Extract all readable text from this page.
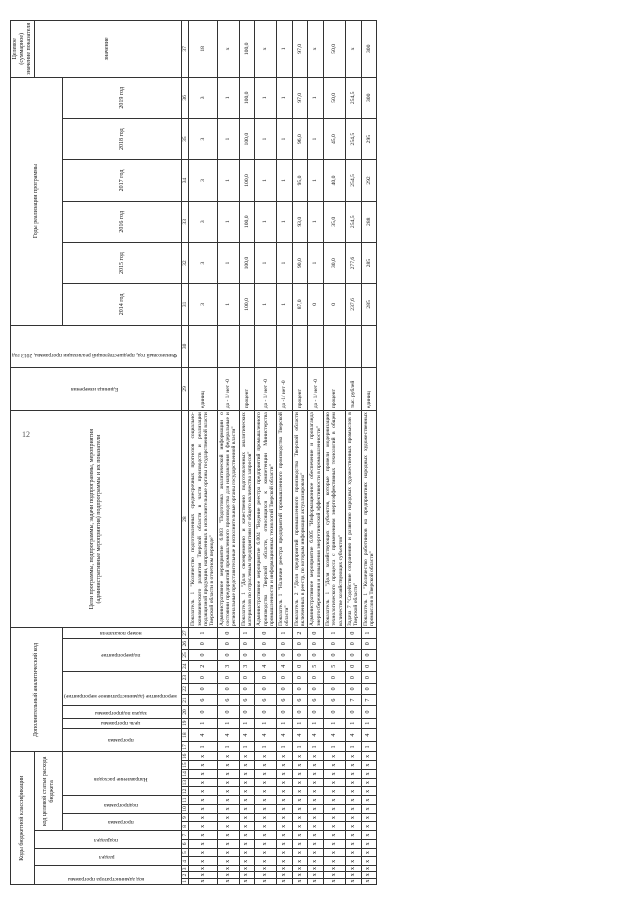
12
Коды бюджетной классификации																Дополнительный аналитический код											Цели программы, подпрограммы, задачи подпрограммы, мероприятия (административные мероприятия) подпрограммы и их показатели	Единица измерения	Финансовый год, предшествующий реализации программы, 2013 год	Годы реализации программы						Целевое (суммарное) значение показателя
код администратора программы			раздел		подраздел		код целевой статьи расхода бюджета																													значение
							программа		подпрограмма		Направление расходов					программа		цель программы	задача подпрограммы	мероприятие (административное мероприятие)			подмероприятие			номер показателя				2014 год	2015 год	2016 год	2017 год	2018 год	2019 год	
1	2	3	4	5	6	7	8	9	10	11	12	13	14	15	16	17	18	19	20	21	22	23	24	25	26	27	28	29	30	31	32	33	34	35	36	37
х	х	х	х	х	х	х	х	х	х	х	х	х	х	х	х	1	4	1	0	6	0	0	2	0	0	1	Показатель 1 "Количество подготовленных среднесрочных прогнозов социально-экономического развития Тверской области в части производств и реализации подакцизной продукции, направленных в исполнительные органы государственной власти Тверской области в отчетном периоде"	единиц		3	3	3	3	3	3	18
х	х	х	х	х	х	х	х	х	х	х	х	х	х	х	х	1	4	1	0	6	0	0	3	0	0	0	Административное мероприятие 6.003 "Подготовка аналитической информации о состоянии предприятий промышленного производства для направления в федеральные и региональные представительные и исполнительные органы государственной власти"	да - 1/ нет -0		1	1	1	1	1	1	х
х	х	х	х	х	х	х	х	х	х	х	х	х	х	х	х	1	4	1	0	6	0	0	3	0	0	1	Показатель 1 "Доля своевременно и качественно подготовленных аналитических материалов по отраслевым предприятиям от общего количества запросов"	процент		100,0	100,0	100,0	100,0	100,0	100,0	100,0
х	х	х	х	х	х	х	х	х	х	х	х	х	х	х	х	1	4	1	0	6	0	0	4	0	0	0	Административное мероприятие 6.004 "Ведение реестра предприятий промышленного производства Тверской области, относящихся к компетенции Министерства промышленности и информационных технологий Тверской области"	да - 1/ нет -0		1	1	1	1	1	1	х
х	х	х	х	х	х	х	х	х	х	х	х	х	х	х	х	1	4	1	0	6	0	0	4	0	0	1	Показатель 1 "Наличие реестра предприятий промышленного производства Тверской области"	да -1/ нет -0		1	1	1	1	1	1	1
х	х	х	х	х	х	х	х	х	х	х	х	х	х	х	х	1	4	1	0	6	0	0	0	0	0	2	Показатель 2 "Доля предприятий промышленного производства Тверской области включенных в реестр, по которым информация актуализирована"	процент		87,0	90,0	93,0	95,0	96,0	97,0	97,0
х	х	х	х	х	х	х	х	х	х	х	х	х	х	х	х	1	4	1	0	6	0	0	5	0	0	0	Административное мероприятие 6.005 "Информационное обеспечение и пропаганда энергосбережения и повышения энергетической эффективности в промышленности"	да - 1/ нет -0		0	1	1	1	1	1	х
х	х	х	х	х	х	х	х	х	х	х	х	х	х	х	х	1	4	1	0	6	0	0	5	0	0	1	Показатель 1 "Доля хозяйствующих субъектов, которые провели модернизацию технологического процесса с применением энергоэффективных технологий в общем количестве хозяйствующих субъектов"	процент		0	30,0	35,0	40,0	45,0	50,0	50,0
х	х	х	х	х	х	х	х	х	х	х	х	х	х	х	х	1	4	1	0	7	0	0	0	0	0	0	Задача 7 "Содействие сохранению и развитию народных художественных промыслов в Тверской области"	тыс. рублей		237,6	277,6	254,5	254,5	254,5	254,5	х
х	х	х	х	х	х	х	х	х	х	х	х	х	х	х	х	1	4	1	0	7	0	0	0	0	0	1	Показатель 1 "Количество работников на предприятиях народных художественных промыслов в Тверской области"	единиц		285	285	288	292	295	300	300
